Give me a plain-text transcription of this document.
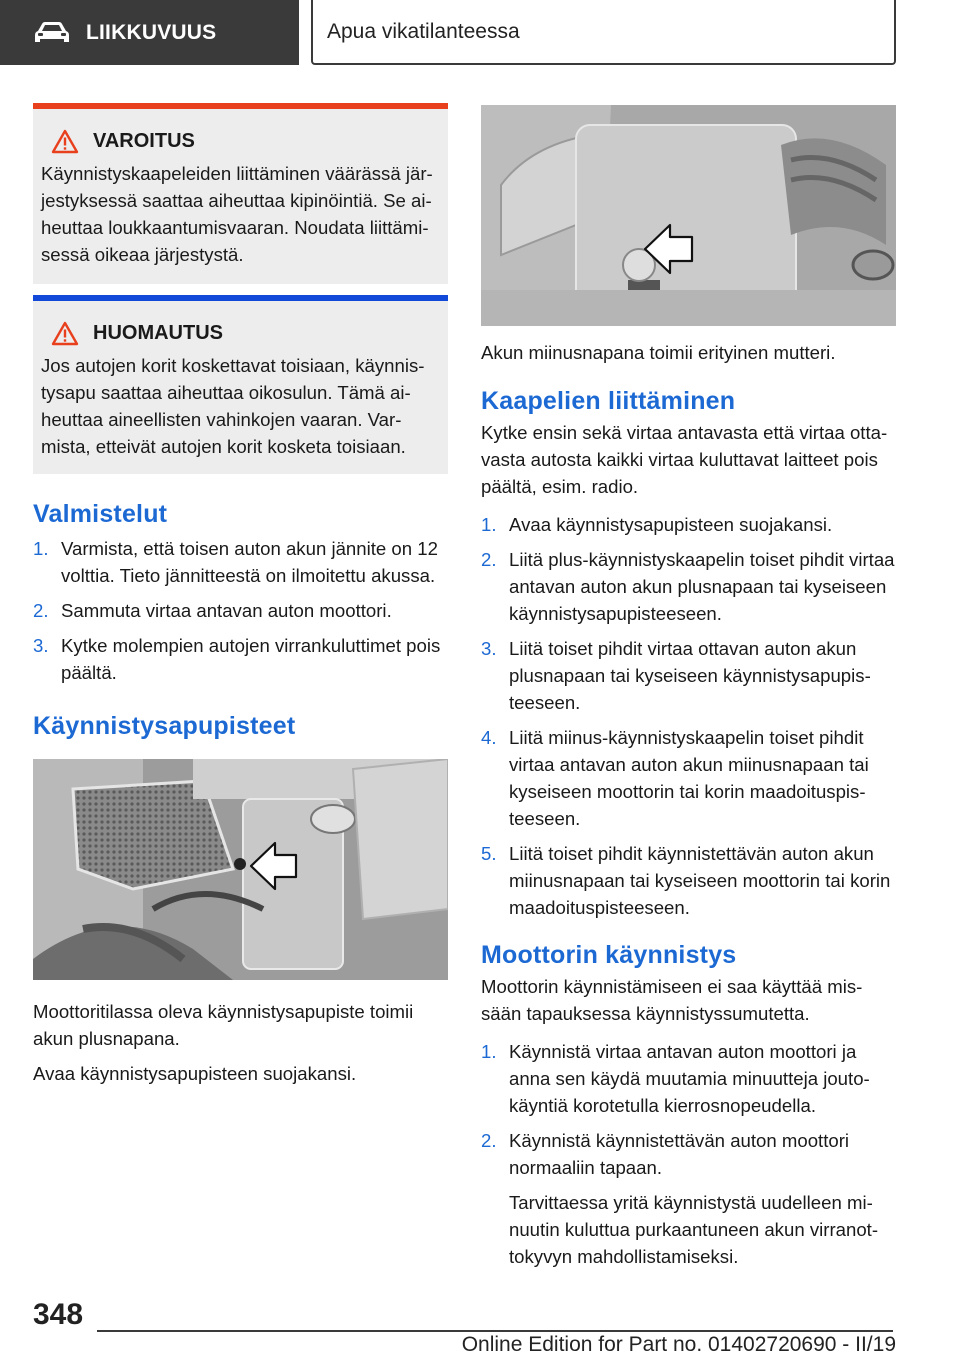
LIIKKUVUUS	Apua vikatilanteessa
VAROITUS

Käynnistyskaapeleiden liittäminen väärässä järjestyksessä saattaa aiheuttaa kipinöintiä. Se aiheuttaa loukkaantumisvaaran. Noudata liittämisessä oikeaa järjestystä.

HUOMAUTUS

Jos autojen korit koskettavat toisiaan, käynnistysapu saattaa aiheuttaa oikosulun. Tämä aiheuttaa aineellisten vahinkojen vaaran. Varmista, etteivät autojen korit kosketa toisiaan.

Valmistelut
1. Varmista, että toisen auton akun jännite on 12 volttia. Tieto jännitteestä on ilmoitettu akussa.
2. Sammuta virtaa antavan auton moottori.
3. Kytke molempien autojen virrankuluttimet pois päältä.
Käynnistysapupisteet

Moottoritilassa oleva käynnistysapupiste toimii akun plusnapana.

Avaa käynnistysapupisteen suojakansi.

Akun miinusnapana toimii erityinen mutteri.

Kaapelien liittäminen

Kytke ensin sekä virtaa antavasta että virtaa ottavasta autosta kaikki virtaa kuluttavat laitteet pois päältä, esim. radio.

1. Avaa käynnistysapupisteen suojakansi.
2. Liitä plus-käynnistyskaapelin toiset pihdit virtaa antavan auton akun plusnapaan tai kyseiseen käynnistysapupisteeseen.
3. Liitä toiset pihdit virtaa ottavan auton akun plusnapaan tai kyseiseen käynnistysapupisteeseen.
4. Liitä miinus-käynnistyskaapelin toiset pihdit virtaa antavan auton akun miinusnapaan tai kyseiseen moottorin tai korin maadoituspisteeseen.
5. Liitä toiset pihdit käynnistettävän auton akun miinusnapaan tai kyseiseen moottorin tai korin maadoituspisteeseen.
Moottorin käynnistys

Moottorin käynnistämiseen ei saa käyttää missään tapauksessa käynnistyssumutetta.

1. Käynnistä virtaa antavan auton moottori ja anna sen käydä muutamia minuutteja joutokäyntiä korotetulla kierrosnopeudella.
2. Käynnistä käynnistettävän auton moottori normaaliin tapaan.
Tarvittaessa yritä käynnistystä uudelleen minuutin kuluttua purkaantuneen akun virranottokyvyn mahdollistamiseksi.
348
Online Edition for Part no. 01402720690 - II/19
